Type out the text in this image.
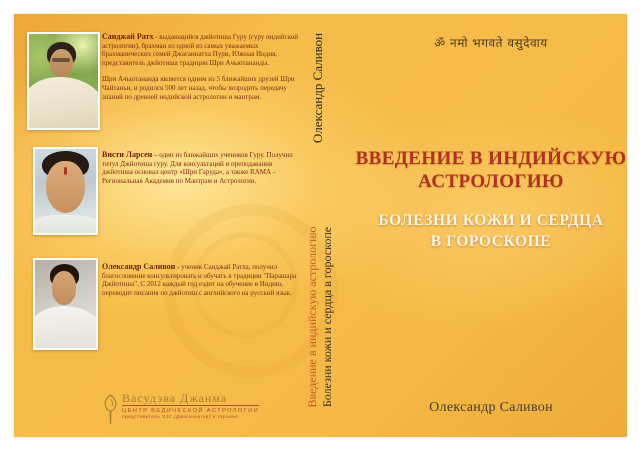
Санджай Ратх - выдающийся джйотиша Гуру (гуру индийской астрологии), брахман из одной из самых уважаемых брахманических семей Джаганнатха Пури, Южная Индия, представитель джйотиша традиции Шри Ачьютананды.

Шри Ачьютананда является одним из 5 ближайших друзей Шри Чайтаньи, и родился 500 лет назад, чтобы возродить передачу знаний по древней индийской астрологии и мантрам.

Висти Ларсен – один из ближайших учеников Гуру. Получил титул Джйотиша гуру. Для консультаций и преподавания джйотиша основал центр «Шри Гаруда», а также RAMA – Региональная Академия по Мантрам и Астрологии.

Олександр Саливон - ученик Санджай Ратха, получил благословение консультировать и обучать в традиции "Парашара Джйотиша". С 2012 каждый год ездит на обучение в Индию, переводит писания по джйотиш с английского на русский язык.

Васудэва Джанма
ЦЕНТР ВЕДИЧЕСКОЙ АСТРОЛОГИИ
представитель SJC (Джаганнатха) в Украине
Олександр Саливон
Введение в индийскую астрологию Болезни кожи и сердца в гороскопе
ॐ नमो भगवते वसुदेवाय
ВВЕДЕНИЕ В ИНДИЙСКУЮ
АСТРОЛОГИЮ
БОЛЕЗНИ КОЖИ И СЕРДЦА
В ГОРОСКОПЕ
Олександр Саливон
